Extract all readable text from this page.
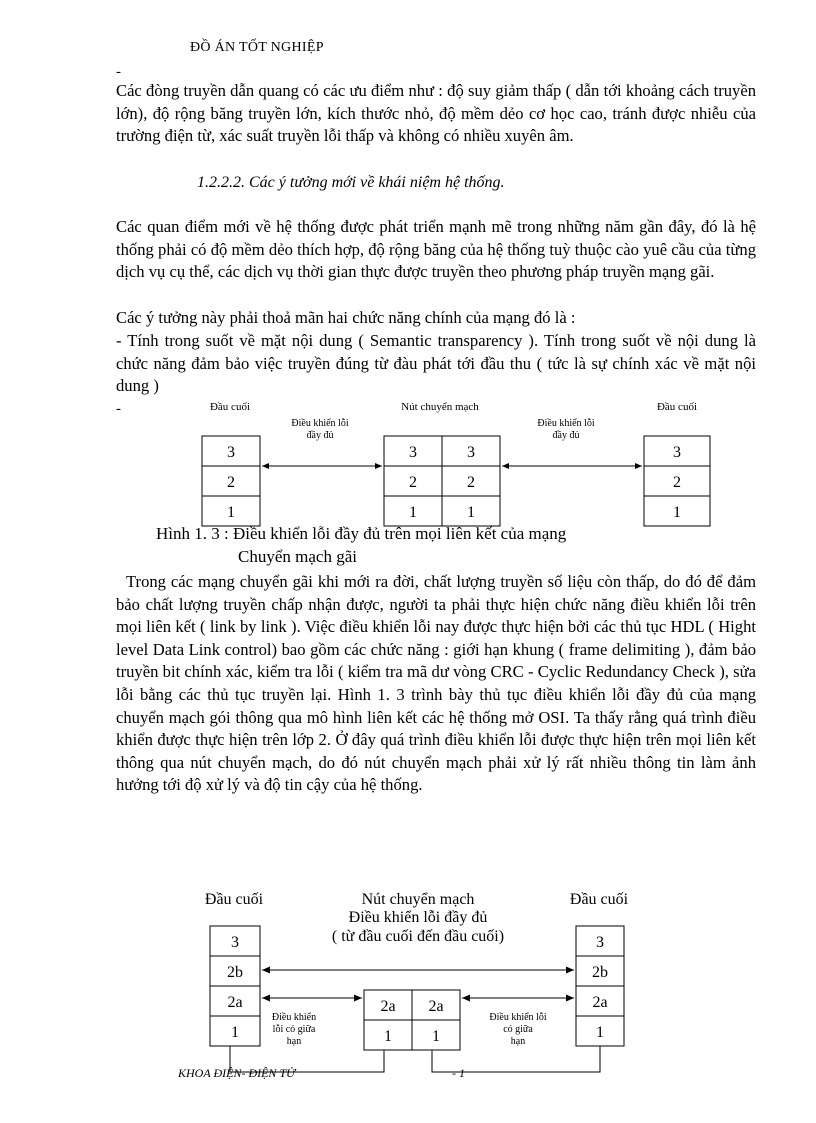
ĐỒ ÁN TỐT NGHIỆP
-
Các đòng truyền dẫn quang có các ưu điểm như : độ suy giảm thấp ( dẫn tới khoảng cách truyền lớn), độ rộng băng truyền lớn, kích thước nhỏ, độ mềm dẻo cơ học cao, tránh được nhiễu của trường điện từ, xác suất truyền lỗi thấp và không có nhiều xuyên âm.
1.2.2.2. Các ý tưởng mới về khái niệm hệ thống.
Các quan điểm mới về hệ thống được phát triển mạnh mẽ trong những năm gần đây, đó là hệ thống phải có độ mềm dẻo thích hợp, độ rộng băng của hệ thống tuỳ thuộc cào yuê cầu của từng dịch vụ cụ thể, các dịch vụ thời gian thực được truyền theo phương pháp truyền mạng gãi.
Các ý tưởng này phải thoả mãn hai chức năng chính của mạng đó là :
- Tính trong suốt về mặt nội dung ( Semantic transparency ). Tính trong suốt về nội dung là chức năng đảm bảo việc truyền đúng từ đàu phát tới đầu thu ( tức là sự chính xác về mặt nội dung )
-	Đầu cuối	Nút chuyển mạch	Đầu cuối
Điều khiển lỗi
đầy đủ
Điều khiển lỗi
đầy đủ
3
2
1
3
2
1
3
2
1
3
2
1
Hình 1. 3 : Điều khiển lỗi đầy đủ trên mọi liên kết của mạng
Chuyển mạch gãi
Trong các mạng chuyển gãi khi mới ra đời, chất lượng truyền số liệu còn thấp, do đó để đảm bảo chất lượng truyền chấp nhận được, người ta phải thực hiện chức năng điều khiển lỗi trên mọi liên kết ( link by link ). Việc điều khiển lỗi nay được thực hiện bởi các thủ tục HDL ( Hight level Data Link control) bao gồm các chức năng : giới hạn khung ( frame delimiting ), đảm bảo truyền bit chính xác, kiểm tra lỗi ( kiểm tra mã dư vòng CRC - Cyclic Redundancy Check ), sửa lỗi bằng các thủ tục truyền lại. Hình 1. 3 trình bày thủ tục điều khiển lỗi đầy đủ của mạng chuyển mạch gói thông qua mô hình liên kết các hệ thống mở OSI. Ta thấy rằng quá trình điều khiển được thực hiện trên lớp 2. Ở đây quá trình điều khiển lỗi được thực hiện trên mọi liên kết thông qua nút chuyển mạch, do đó nút chuyển mạch phải xử lý rất nhiều thông tin làm ảnh hưởng tới độ xử lý và độ tin cậy của hệ thống.
Đầu cuối	Nút chuyển mạch	Đầu cuối
Điều khiển lỗi đầy đủ
( từ đầu cuối đến đầu cuối)
3
2b
2a
1
3
2b
2a
1
2a 2a
1	1
Điều khiển
lỗi có giữa
hạn
Điều khiển lỗi
có giữa
hạn
KHOA ĐIỆN- ĐIỆN TỬ	- 1
